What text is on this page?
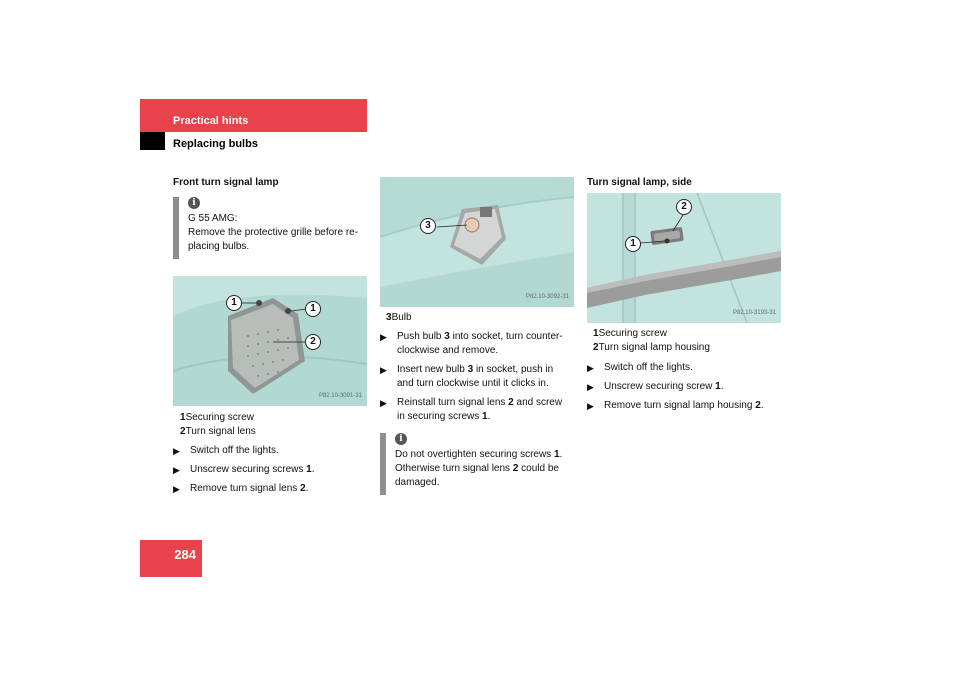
Practical hints
Replacing bulbs
Front turn signal lamp
i
G 55 AMG:
Remove the protective grille before re-
placing bulbs.
1
1
2
P82.10-3091-31
1Securing screw
2Turn signal lens
▶ Switch off the lights.
▶ Unscrew securing screws 1.
▶ Remove turn signal lens 2.
3
P82.10-3092-31
3Bulb
▶ Push bulb 3 into socket, turn counter-
clockwise and remove.
▶ Insert new bulb 3 in socket, push in
and turn clockwise until it clicks in.
▶ Reinstall turn signal lens 2 and screw
in securing screws 1.
i
Do not overtighten securing screws 1.
Otherwise turn signal lens 2 could be
damaged.
Turn signal lamp, side
2
1
P82.10-3193-31
1Securing screw
2Turn signal lamp housing
▶ Switch off the lights.
▶ Unscrew securing screw 1.
▶ Remove turn signal lamp housing 2.
284
